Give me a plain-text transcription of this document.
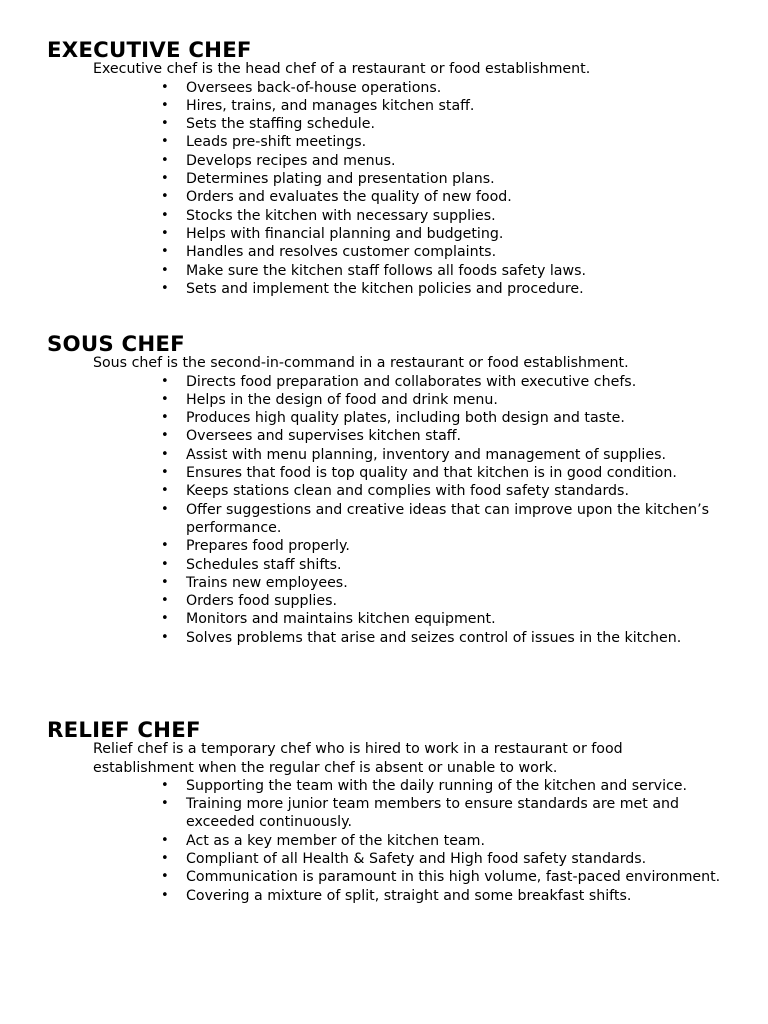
EXECUTIVE CHEF

Executive chef is the head chef of a restaurant or food establishment.

• Oversees back-of-house operations.
• Hires, trains, and manages kitchen staff.
• Sets the staffing schedule.
• Leads pre-shift meetings.
• Develops recipes and menus.
• Determines plating and presentation plans.
• Orders and evaluates the quality of new food.
• Stocks the kitchen with necessary supplies.
• Helps with financial planning and budgeting.
• Handles and resolves customer complaints.
• Make sure the kitchen staff follows all foods safety laws.
• Sets and implement the kitchen policies and procedure.
SOUS CHEF

Sous chef is the second-in-command in a restaurant or food establishment.

• Directs food preparation and collaborates with executive chefs.
• Helps in the design of food and drink menu.
• Produces high quality plates, including both design and taste.
• Oversees and supervises kitchen staff.
• Assist with menu planning, inventory and management of supplies.
• Ensures that food is top quality and that kitchen is in good condition.
• Keeps stations clean and complies with food safety standards.
• Offer suggestions and creative ideas that can improve upon the kitchen’s performance.
• Prepares food properly.
• Schedules staff shifts.
• Trains new employees.
• Orders food supplies.
• Monitors and maintains kitchen equipment.
• Solves problems that arise and seizes control of issues in the kitchen.
RELIEF CHEF

Relief chef is a temporary chef who is hired to work in a restaurant or food establishment when the regular chef is absent or unable to work.

• Supporting the team with the daily running of the kitchen and service.
• Training more junior team members to ensure standards are met and exceeded continuously.
• Act as a key member of the kitchen team.
• Compliant of all Health & Safety and High food safety standards.
• Communication is paramount in this high volume, fast-paced environment.
• Covering a mixture of split, straight and some breakfast shifts.
